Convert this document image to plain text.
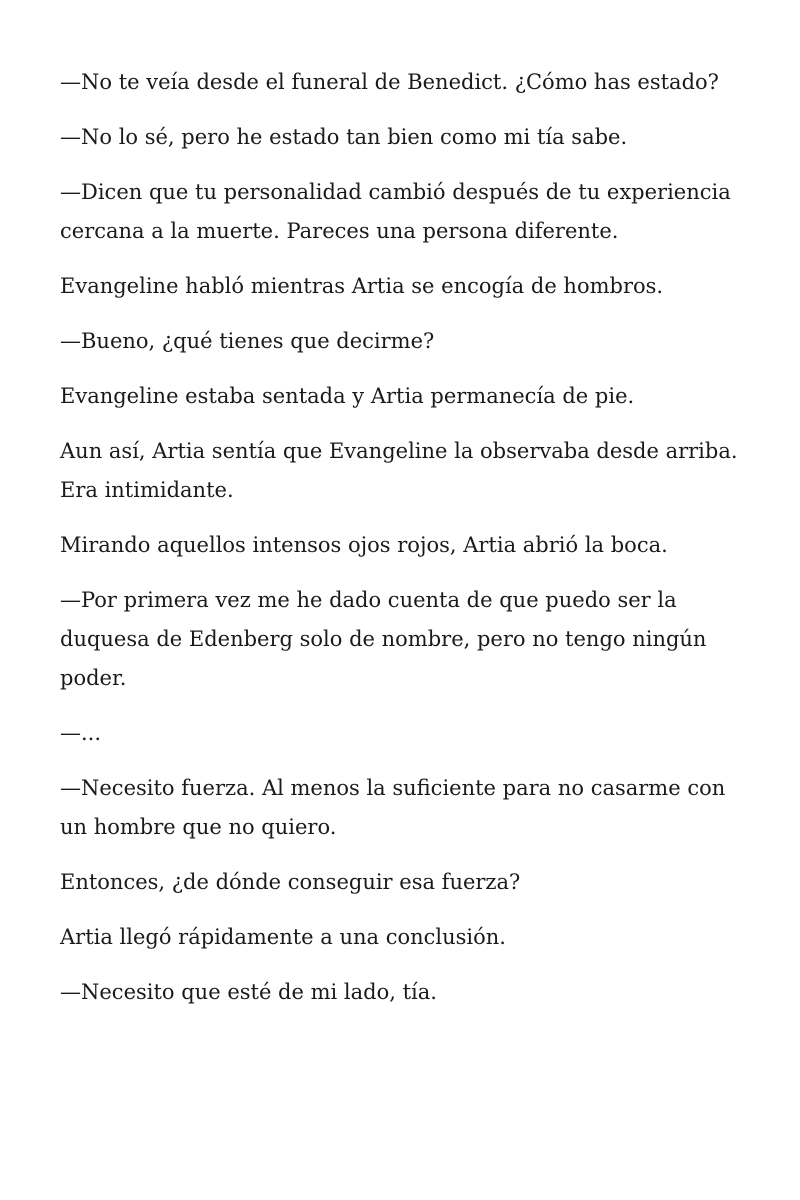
—No te veía desde el funeral de Benedict. ¿Cómo has estado?

—No lo sé, pero he estado tan bien como mi tía sabe.

—Dicen que tu personalidad cambió después de tu experiencia cercana a la muerte. Pareces una persona diferente.

Evangeline habló mientras Artia se encogía de hombros.

—Bueno, ¿qué tienes que decirme?

Evangeline estaba sentada y Artia permanecía de pie.

Aun así, Artia sentía que Evangeline la observaba desde arriba. Era intimidante.

Mirando aquellos intensos ojos rojos, Artia abrió la boca.

—Por primera vez me he dado cuenta de que puedo ser la duquesa de Edenberg solo de nombre, pero no tengo ningún poder.

—...

—Necesito fuerza. Al menos la suficiente para no casarme con un hombre que no quiero.

Entonces, ¿de dónde conseguir esa fuerza?

Artia llegó rápidamente a una conclusión.

—Necesito que esté de mi lado, tía.
